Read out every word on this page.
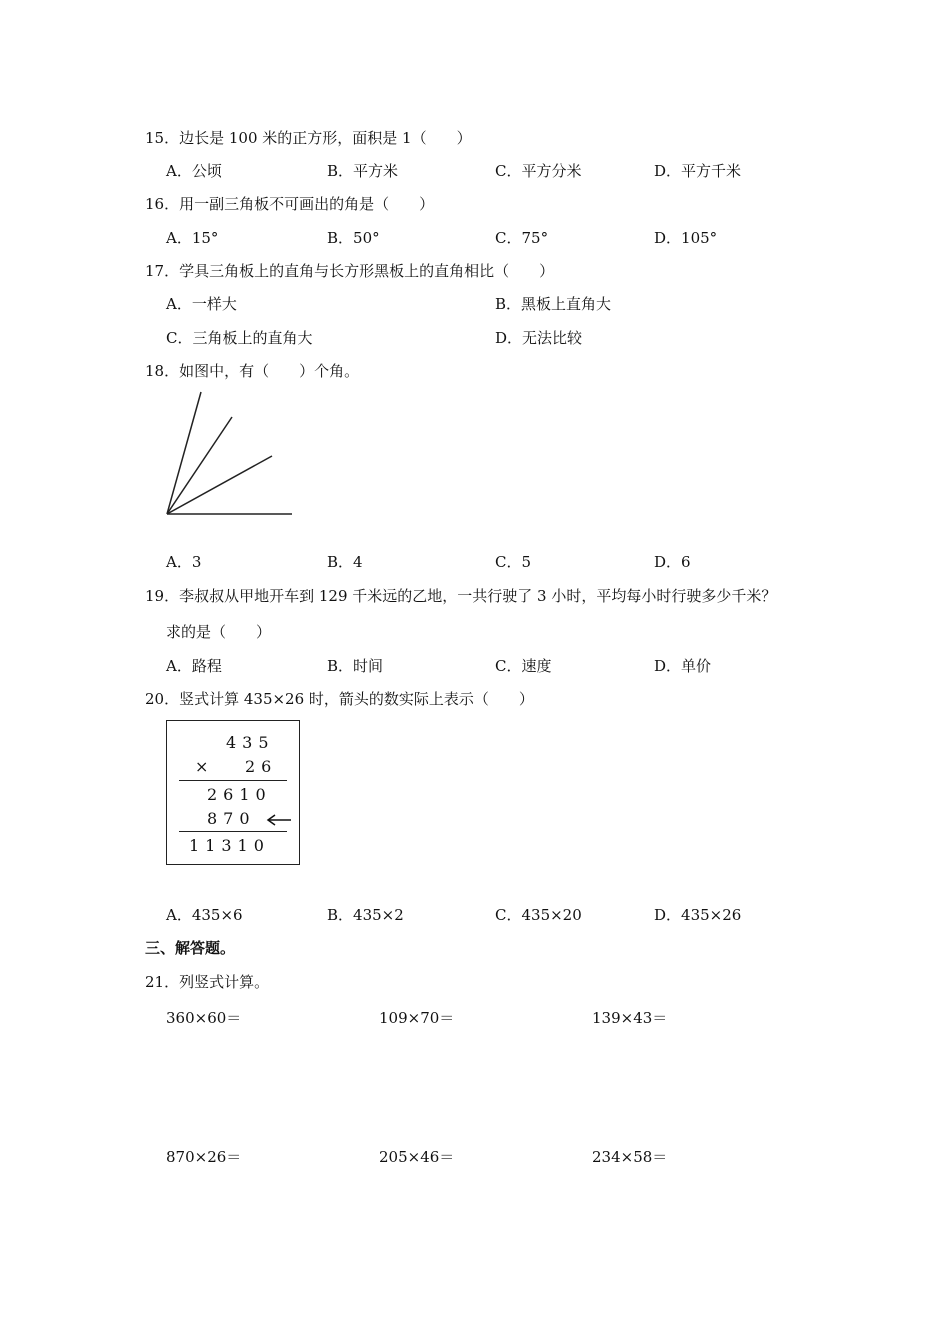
15．边长是 100 米的正方形，面积是 1（　　）
A．公顷	B．平方米	C．平方分米	D．平方千米
16．用一副三角板不可画出的角是（　　）
A．15°	B．50°	C．75°	D．105°
17．学具三角板上的直角与长方形黑板上的直角相比（　　）
A．一样大	B．黑板上直角大
C．三角板上的直角大	D．无法比较
18．如图中，有（　　）个角。
A．3	B．4	C．5	D．6
19．李叔叔从甲地开车到 129 千米远的乙地，一共行驶了 3 小时，平均每小时行驶多少千米？
求的是（　　）
A．路程	B．时间	C．速度	D．单价
20．竖式计算 435×26 时，箭头的数实际上表示（　　）
435
× 26
2610
870
11310
A．435×6	B．435×2	C．435×20	D．435×26
三、解答题。
21．列竖式计算。
360×60＝	109×70＝	139×43＝
870×26＝	205×46＝	234×58＝
